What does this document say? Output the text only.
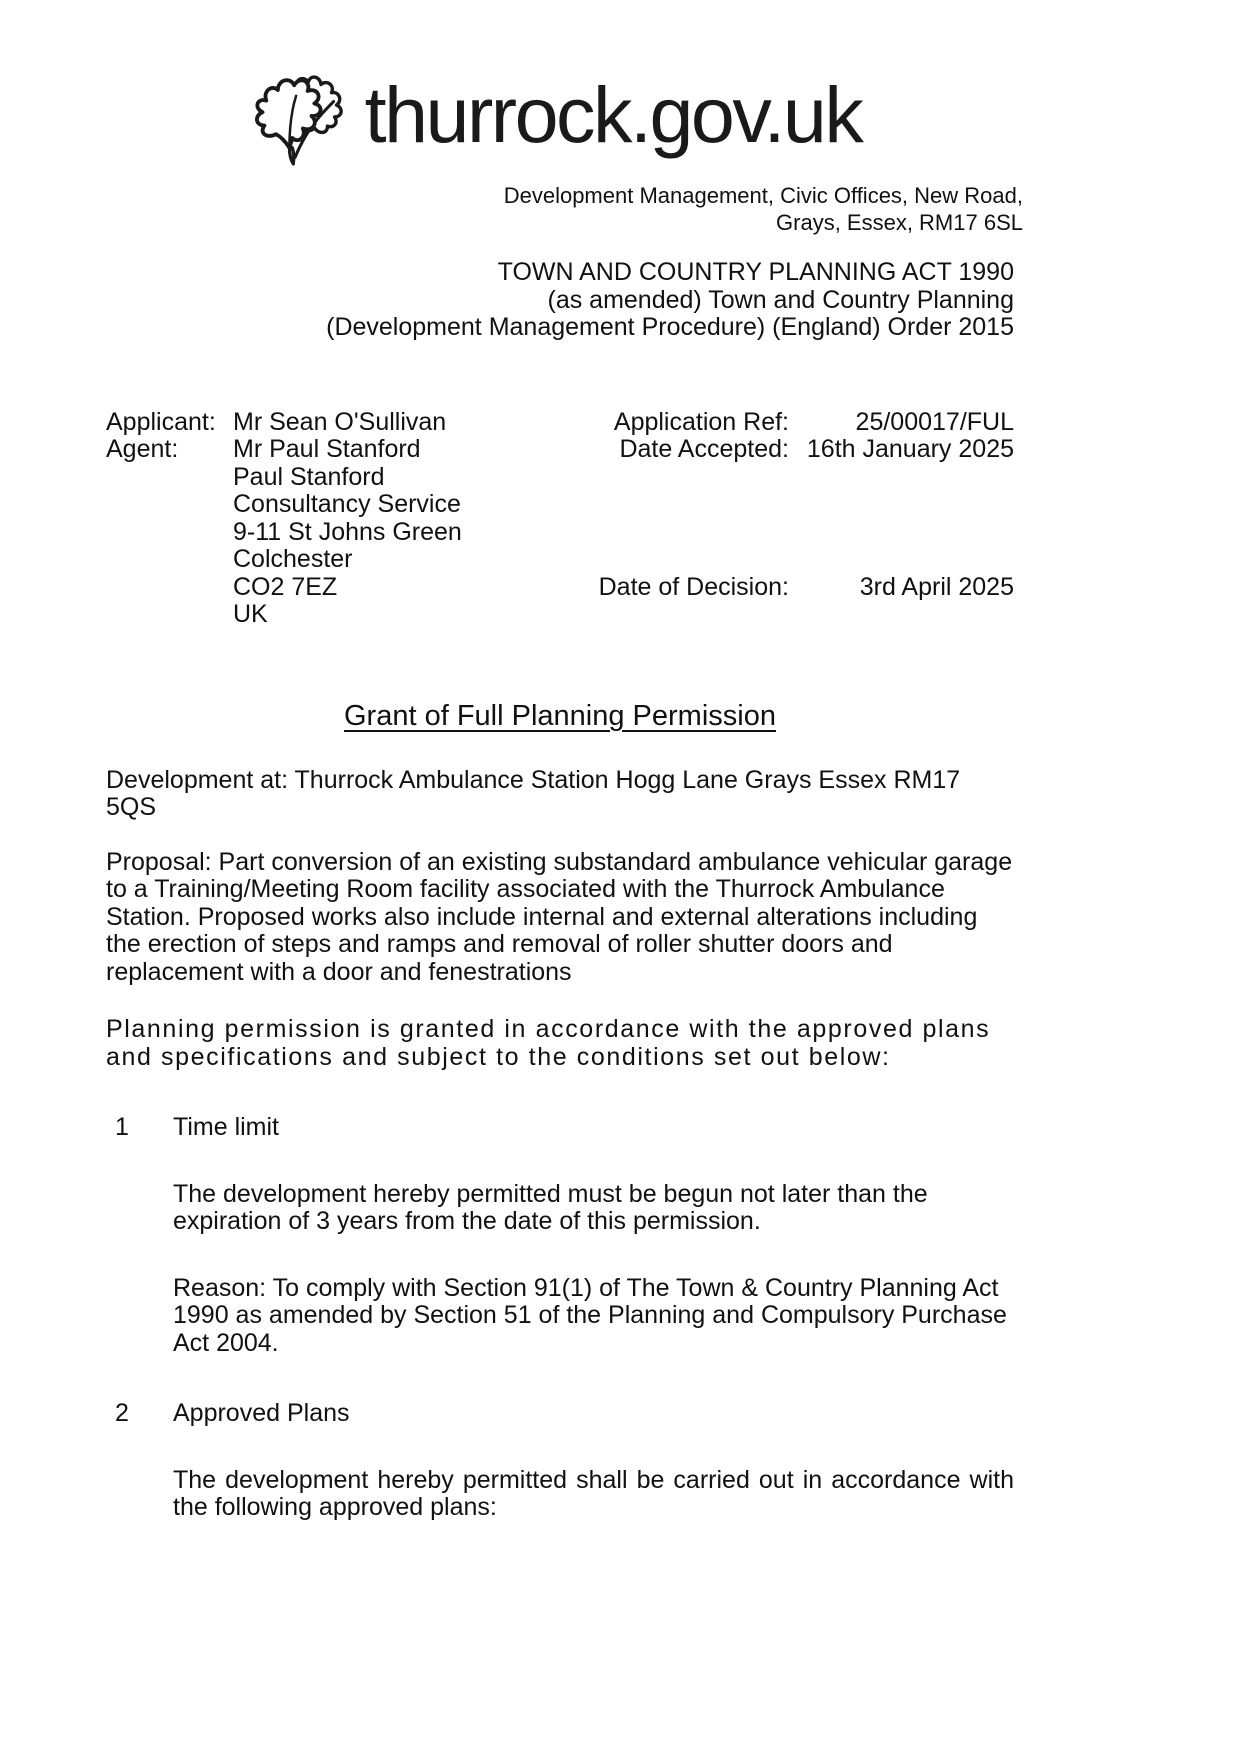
thurrock.gov.uk
Development Management, Civic Offices, New Road,
Grays, Essex, RM17 6SL
TOWN AND COUNTRY PLANNING ACT 1990
(as amended) Town and Country Planning
(Development Management Procedure) (England) Order 2015
Applicant: Mr Sean O'Sullivan	Application Ref:	25/00017/FUL
Agent:	Mr Paul Stanford	Date Accepted: 16th January 2025
Paul Stanford Consultancy Service
9-11 St Johns Green
Colchester
CO2 7EZ	Date of Decision:	3rd April 2025
UK
Grant of Full Planning Permission

Development at: Thurrock Ambulance Station Hogg Lane Grays Essex RM17 5QS

Proposal: Part conversion of an existing substandard ambulance vehicular garage to a Training/Meeting Room facility associated with the Thurrock Ambulance Station. Proposed works also include internal and external alterations including the erection of steps and ramps and removal of roller shutter doors and replacement with a door and fenestrations

Planning permission is granted in accordance with the approved plans and specifications and subject to the conditions set out below:

1	Time limit

The development hereby permitted must be begun not later than the expiration of 3 years from the date of this permission.

Reason: To comply with Section 91(1) of The Town & Country Planning Act 1990 as amended by Section 51 of the Planning and Compulsory Purchase Act 2004.

2	Approved Plans

The development hereby permitted shall be carried out in accordance with the following approved plans:
